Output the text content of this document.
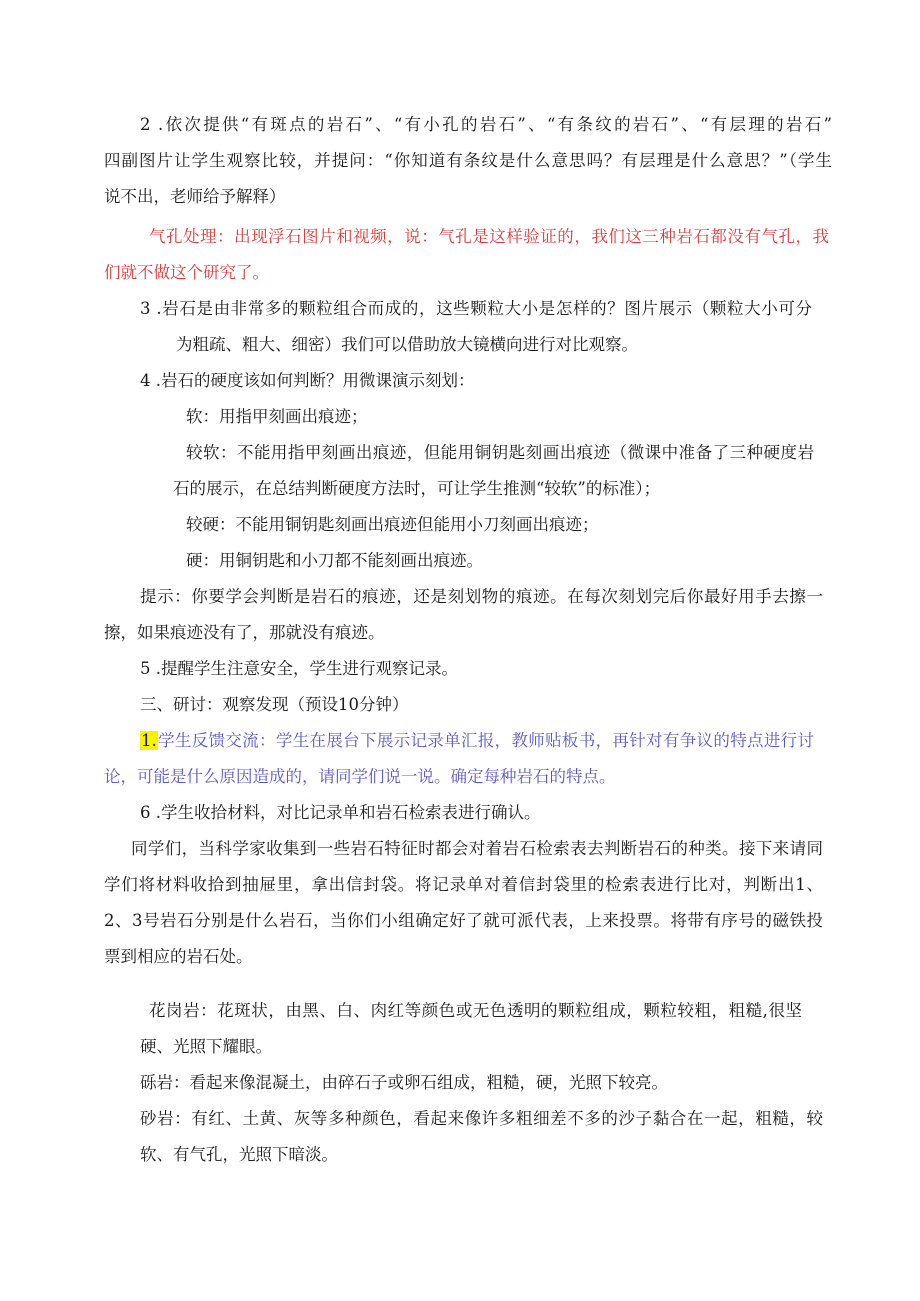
2 .依次提供“有斑点的岩石”、“有小孔的岩石”、“有条纹的岩石”、“有层理的岩石”
四副图片让学生观察比较，并提问：“你知道有条纹是什么意思吗？有层理是什么意思？”（学生
说不出，老师给予解释）
气孔处理：出现浮石图片和视频，说：气孔是这样验证的，我们这三种岩石都没有气孔，我
们就不做这个研究了。
3 .岩石是由非常多的颗粒组合而成的，这些颗粒大小是怎样的？图片展示（颗粒大小可分
为粗疏、粗大、细密）我们可以借助放大镜横向进行对比观察。
4 .岩石的硬度该如何判断？用微课演示刻划：
软：用指甲刻画出痕迹；
较软：不能用指甲刻画出痕迹，但能用铜钥匙刻画出痕迹（微课中准备了三种硬度岩
石的展示，在总结判断硬度方法时，可让学生推测“较软”的标准）；
较硬：不能用铜钥匙刻画出痕迹但能用小刀刻画出痕迹；
硬：用铜钥匙和小刀都不能刻画出痕迹。
提示：你要学会判断是岩石的痕迹，还是刻划物的痕迹。在每次刻划完后你最好用手去擦一
擦，如果痕迹没有了，那就没有痕迹。
5 .提醒学生注意安全，学生进行观察记录。
三、研讨：观察发现（预设10分钟）
1.学生反馈交流：学生在展台下展示记录单汇报，教师贴板书，再针对有争议的特点进行讨
论，可能是什么原因造成的，请同学们说一说。确定每种岩石的特点。
6 .学生收拾材料，对比记录单和岩石检索表进行确认。
同学们，当科学家收集到一些岩石特征时都会对着岩石检索表去判断岩石的种类。接下来请同
学们将材料收拾到抽屉里，拿出信封袋。将记录单对着信封袋里的检索表进行比对，判断出1、
2、3号岩石分别是什么岩石，当你们小组确定好了就可派代表，上来投票。将带有序号的磁铁投
票到相应的岩石处。
花岗岩：花斑状，由黑、白、肉红等颜色或无色透明的颗粒组成，颗粒较粗，粗糙,很坚
硬、光照下耀眼。
砾岩：看起来像混凝土，由碎石子或卵石组成，粗糙，硬，光照下较亮。
砂岩：有红、土黄、灰等多种颜色，看起来像许多粗细差不多的沙子黏合在一起，粗糙，较
软、有气孔，光照下暗淡。
